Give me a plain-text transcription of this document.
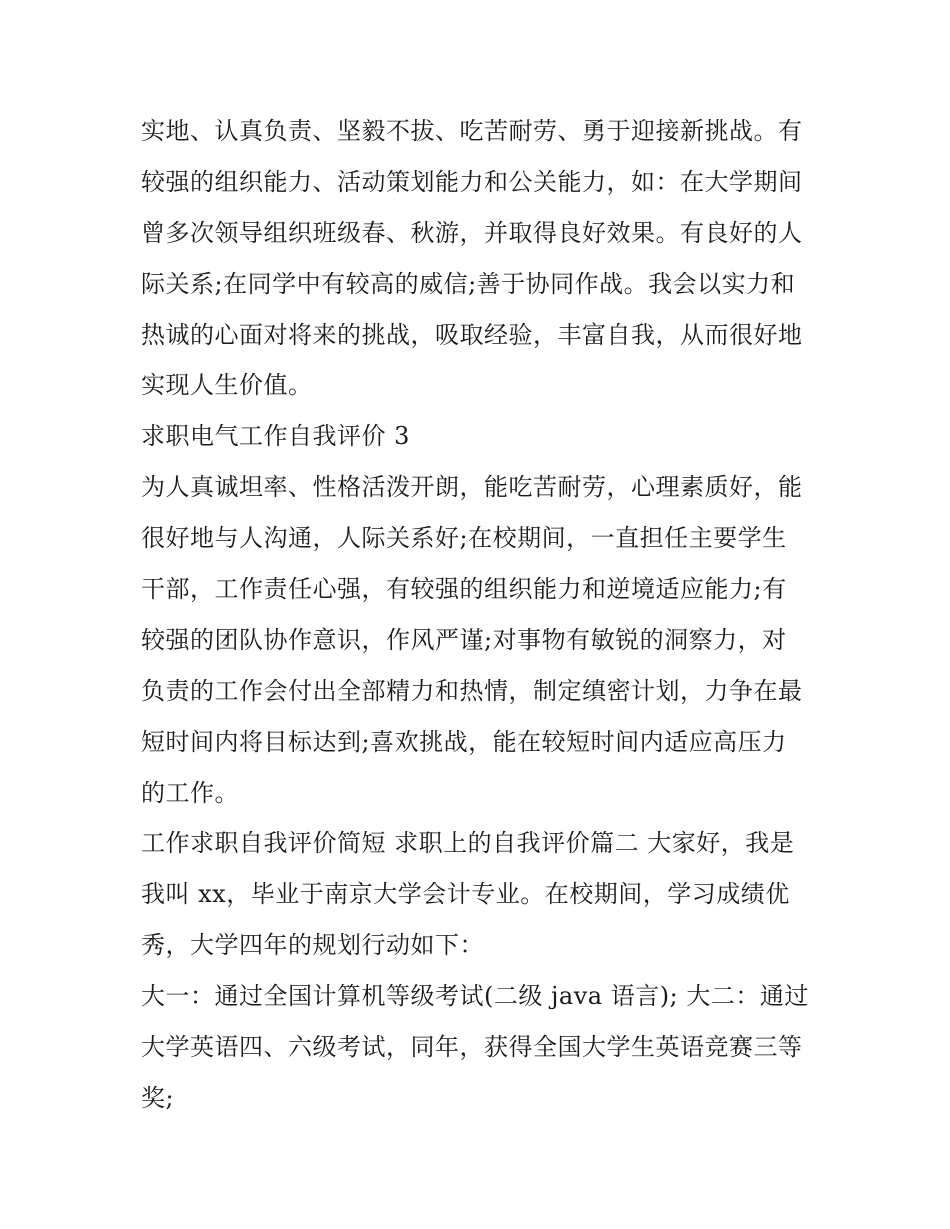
实地、认真负责、坚毅不拔、吃苦耐劳、勇于迎接新挑战。有
较强的组织能力、活动策划能力和公关能力，如：在大学期间
曾多次领导组织班级春、秋游，并取得良好效果。有良好的人
际关系;在同学中有较高的威信;善于协同作战。我会以实力和
热诚的心面对将来的挑战，吸取经验，丰富自我，从而很好地
实现人生价值。
求职电气工作自我评价 3
为人真诚坦率、性格活泼开朗，能吃苦耐劳，心理素质好，能
很好地与人沟通，人际关系好;在校期间，一直担任主要学生
干部，工作责任心强，有较强的组织能力和逆境适应能力;有
较强的团队协作意识，作风严谨;对事物有敏锐的洞察力，对
负责的工作会付出全部精力和热情，制定缜密计划，力争在最
短时间内将目标达到;喜欢挑战，能在较短时间内适应高压力
的工作。
工作求职自我评价简短 求职上的自我评价篇二 大家好，我是
我叫 xx，毕业于南京大学会计专业。在校期间，学习成绩优
秀，大学四年的规划行动如下：
大一：通过全国计算机等级考试(二级 java 语言); 大二：通过
大学英语四、六级考试，同年，获得全国大学生英语竞赛三等
奖;
